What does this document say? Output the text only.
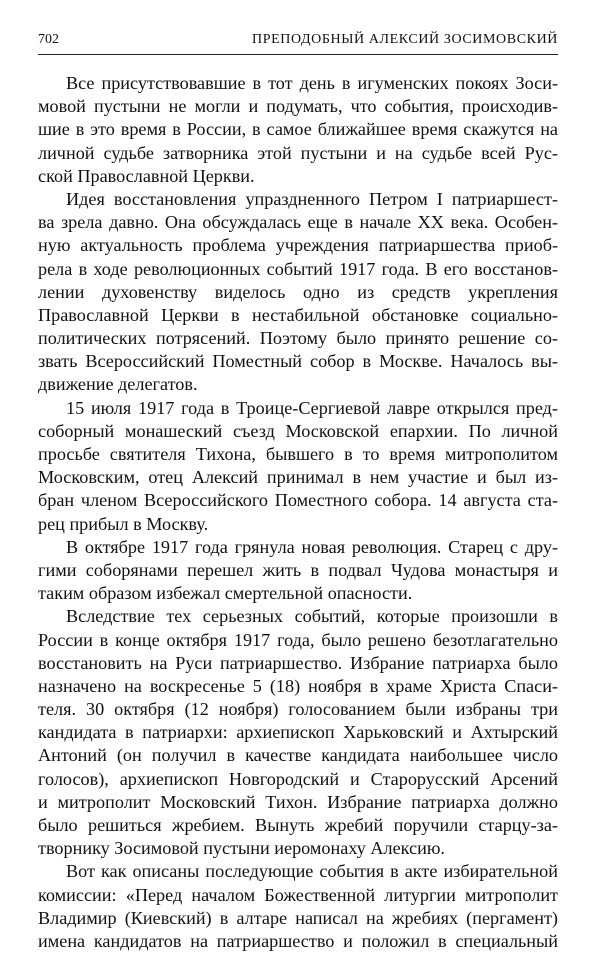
702	ПРЕПОДОБНЫЙ АЛЕКСИЙ ЗОСИМОВСКИЙ
Все присутствовавшие в тот день в игуменских покоях Зоси-
мовой пустыни не могли и подумать, что события, происходив-
шие в это время в России, в самое ближайшее время скажутся на
личной судьбе затворника этой пустыни и на судьбе всей Рус-
ской Православной Церкви.
Идея восстановления упраздненного Петром I патриаршест-
ва зрела давно. Она обсуждалась еще в начале XX века. Особен-
ную актуальность проблема учреждения патриаршества приоб-
рела в ходе революционных событий 1917 года. В его восстанов-
лении духовенству виделось одно из средств укрепления
Православной Церкви в нестабильной обстановке социально-
политических потрясений. Поэтому было принято решение со-
звать Всероссийский Поместный собор в Москве. Началось вы-
движение делегатов.
15 июля 1917 года в Троице-Сергиевой лавре открылся пред-
соборный монашеский съезд Московской епархии. По личной
просьбе святителя Тихона, бывшего в то время митрополитом
Московским, отец Алексий принимал в нем участие и был из-
бран членом Всероссийского Поместного собора. 14 августа ста-
рец прибыл в Москву.
В октябре 1917 года грянула новая революция. Старец с дру-
гими соборянами перешел жить в подвал Чудова монастыря и
таким образом избежал смертельной опасности.
Вследствие тех серьезных событий, которые произошли в
России в конце октября 1917 года, было решено безотлагательно
восстановить на Руси патриаршество. Избрание патриарха было
назначено на воскресенье 5 (18) ноября в храме Христа Спаси-
теля. 30 октября (12 ноября) голосованием были избраны три
кандидата в патриархи: архиепископ Харьковский и Ахтырский
Антоний (он получил в качестве кандидата наибольшее число
голосов), архиепископ Новгородский и Старорусский Арсений
и митрополит Московский Тихон. Избрание патриарха должно
было решиться жребием. Вынуть жребий поручили старцу-за-
творнику Зосимовой пустыни иеромонаху Алексию.
Вот как описаны последующие события в акте избирательной
комиссии: «Перед началом Божественной литургии митрополит
Владимир (Киевский) в алтаре написал на жребиях (пергамент)
имена кандидатов на патриаршество и положил в специальный
